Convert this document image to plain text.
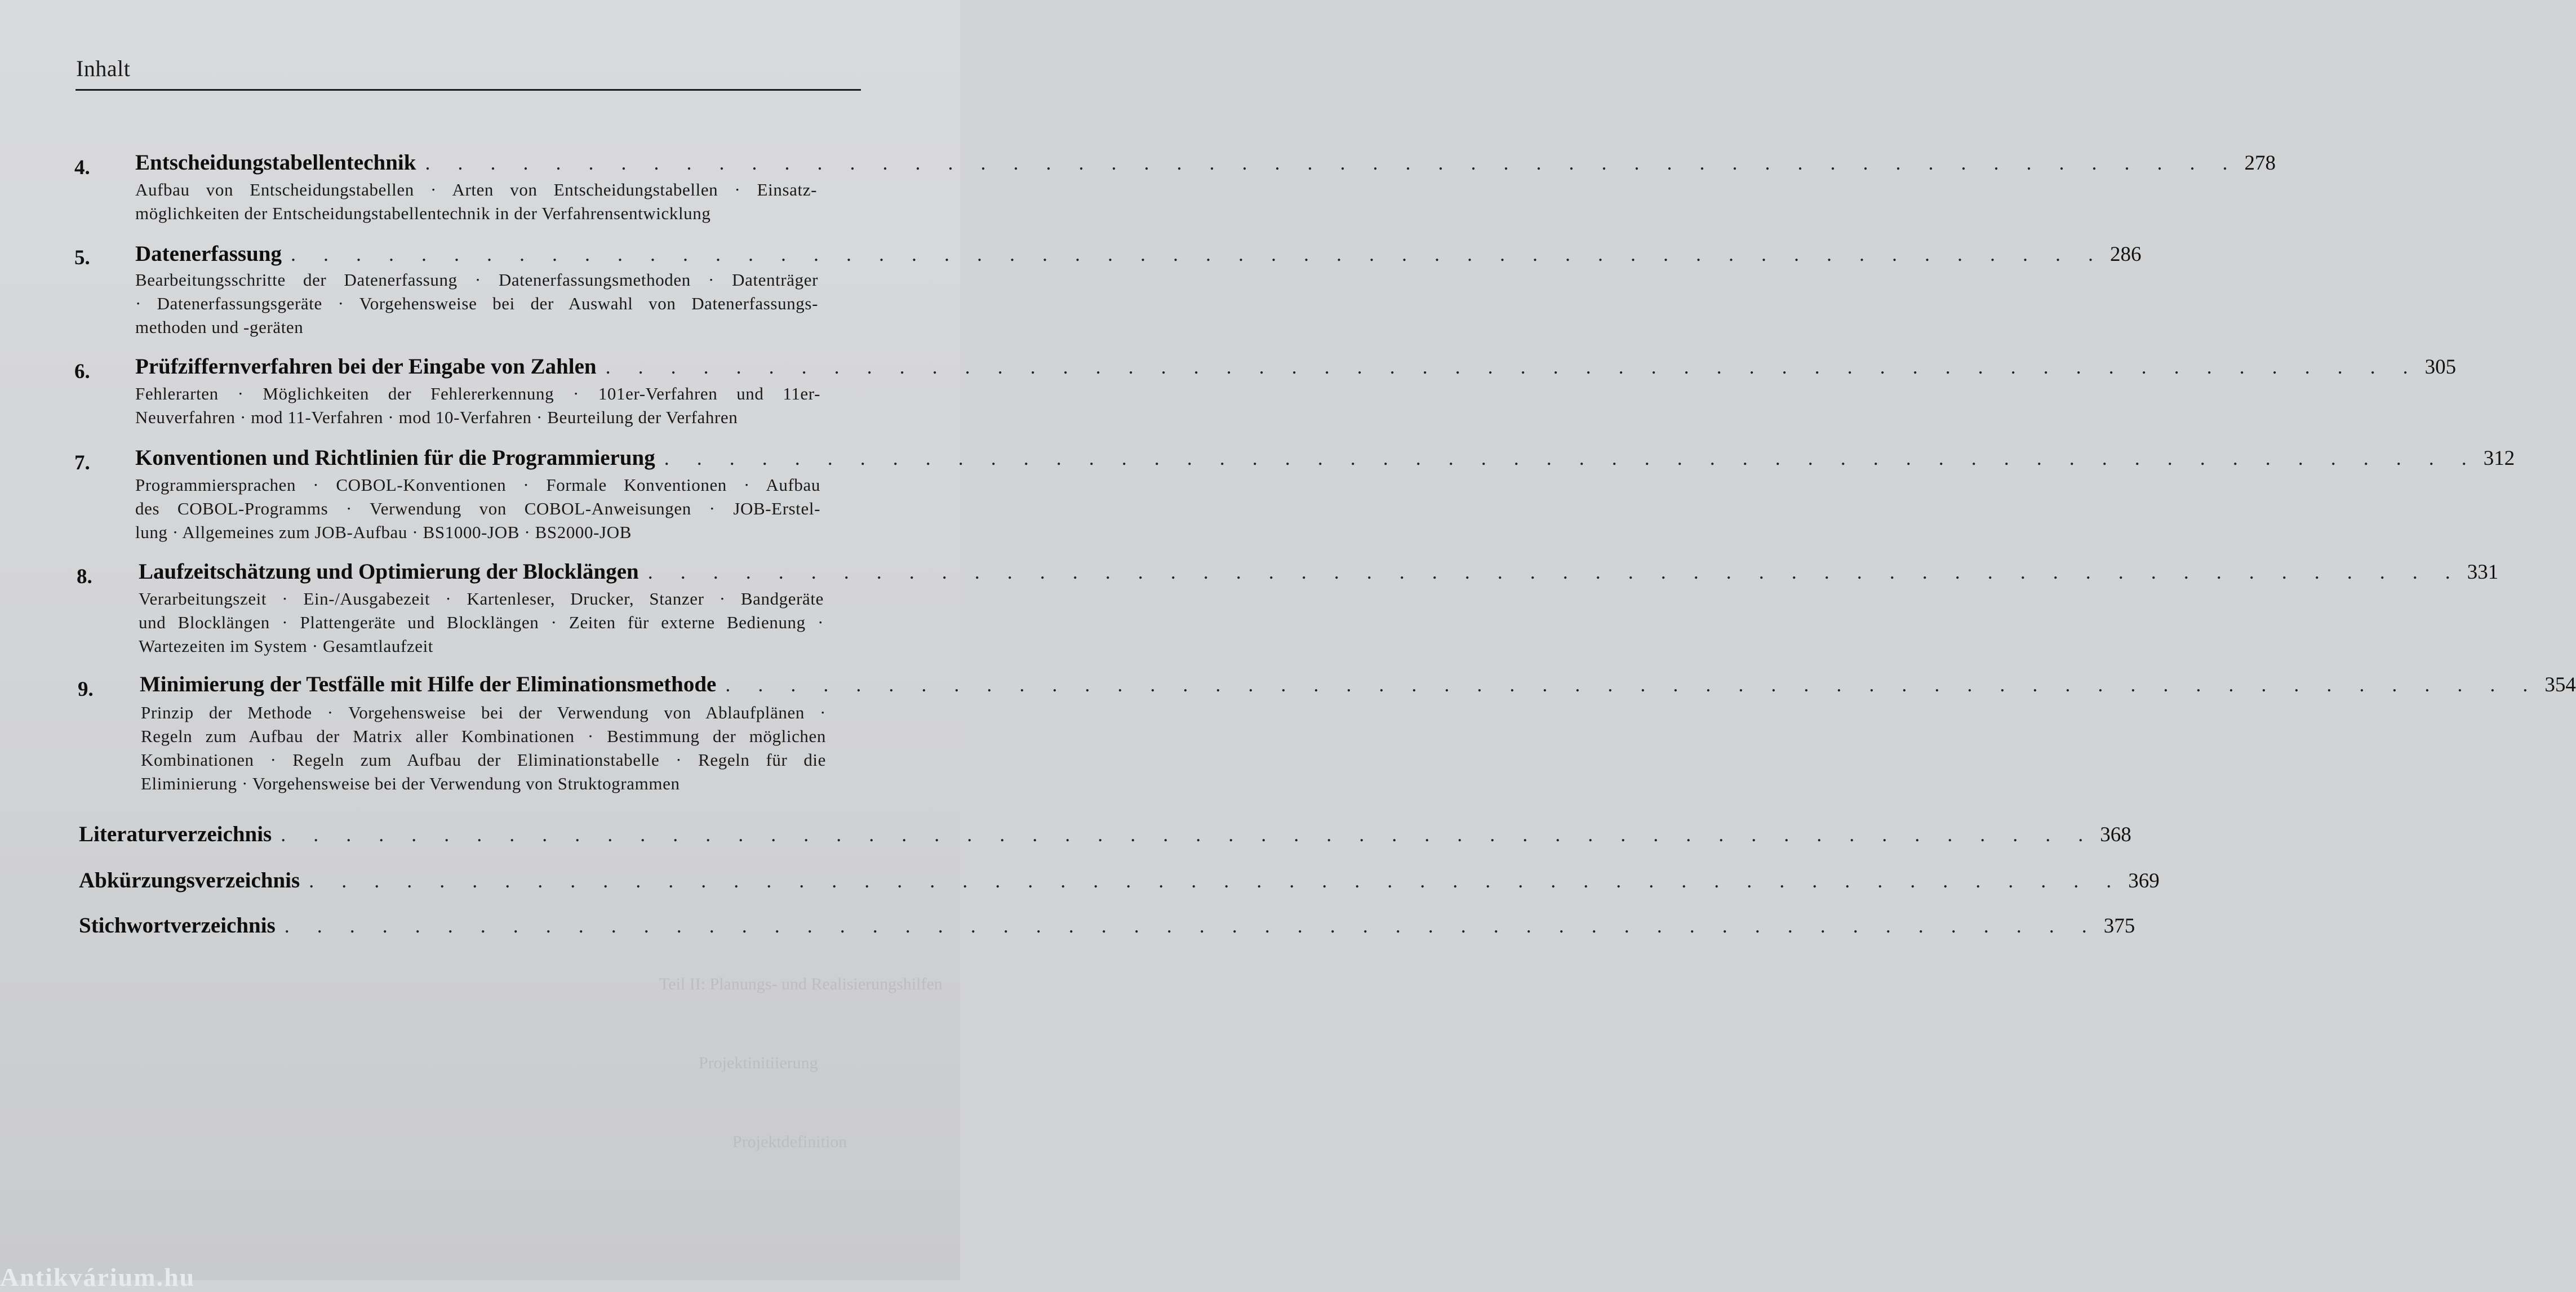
Teil II: Planungs- und Realisierungshilfen
Projektinitiierung
Projektdefinition
Inhalt
4. Entscheidungstabellentechnik . . . . . . . . . . . . . . . . . . . . . . . . . . . . . . . . . . . . . . . . . . . . . . . . . . . . . . . . 278
Aufbau von Entscheidungstabellen · Arten von Entscheidungstabellen · Einsatz-
möglichkeiten der Entscheidungstabellentechnik in der Verfahrensentwicklung
5. Datenerfassung . . . . . . . . . . . . . . . . . . . . . . . . . . . . . . . . . . . . . . . . . . . . . . . . . . . . . . . . 286
Bearbeitungsschritte der Datenerfassung · Datenerfassungsmethoden · Datenträger
· Datenerfassungsgeräte · Vorgehensweise bei der Auswahl von Datenerfassungs-
methoden und -geräten
6. Prüfziffernverfahren bei der Eingabe von Zahlen . . . . . . . . . . . . . . . . . . . . . . . . . . . . . . . . . . . . . . . . . . . . . . . . . . . . . . . . 305
Fehlerarten · Möglichkeiten der Fehlererkennung · 101er-Verfahren und 11er-
Neuverfahren · mod 11-Verfahren · mod 10-Verfahren · Beurteilung der Verfahren
7. Konventionen und Richtlinien für die Programmierung . . . . . . . . . . . . . . . . . . . . . . . . . . . . . . . . . . . . . . . . . . . . . . . . . . . . . . . . 312
Programmiersprachen · COBOL-Konventionen · Formale Konventionen · Aufbau
des COBOL-Programms · Verwendung von COBOL-Anweisungen · JOB-Erstel-
lung · Allgemeines zum JOB-Aufbau · BS1000-JOB · BS2000-JOB
8. Laufzeitschätzung und Optimierung der Blocklängen . . . . . . . . . . . . . . . . . . . . . . . . . . . . . . . . . . . . . . . . . . . . . . . . . . . . . . . . 331
Verarbeitungszeit · Ein-/Ausgabezeit · Kartenleser, Drucker, Stanzer · Bandgeräte
und Blocklängen · Plattengeräte und Blocklängen · Zeiten für externe Bedienung ·
Wartezeiten im System · Gesamtlaufzeit
9. Minimierung der Testfälle mit Hilfe der Eliminationsmethode . . . . . . . . . . . . . . . . . . . . . . . . . . . . . . . . . . . . . . . . . . . . . . . . . . . . . . . . 354
Prinzip der Methode · Vorgehensweise bei der Verwendung von Ablaufplänen ·
Regeln zum Aufbau der Matrix aller Kombinationen · Bestimmung der möglichen
Kombinationen · Regeln zum Aufbau der Eliminationstabelle · Regeln für die
Eliminierung · Vorgehensweise bei der Verwendung von Struktogrammen
Literaturverzeichnis . . . . . . . . . . . . . . . . . . . . . . . . . . . . . . . . . . . . . . . . . . . . . . . . . . . . . . . . 368
Abkürzungsverzeichnis . . . . . . . . . . . . . . . . . . . . . . . . . . . . . . . . . . . . . . . . . . . . . . . . . . . . . . . . 369
Stichwortverzeichnis . . . . . . . . . . . . . . . . . . . . . . . . . . . . . . . . . . . . . . . . . . . . . . . . . . . . . . . . 375
Antikvárium.hu
